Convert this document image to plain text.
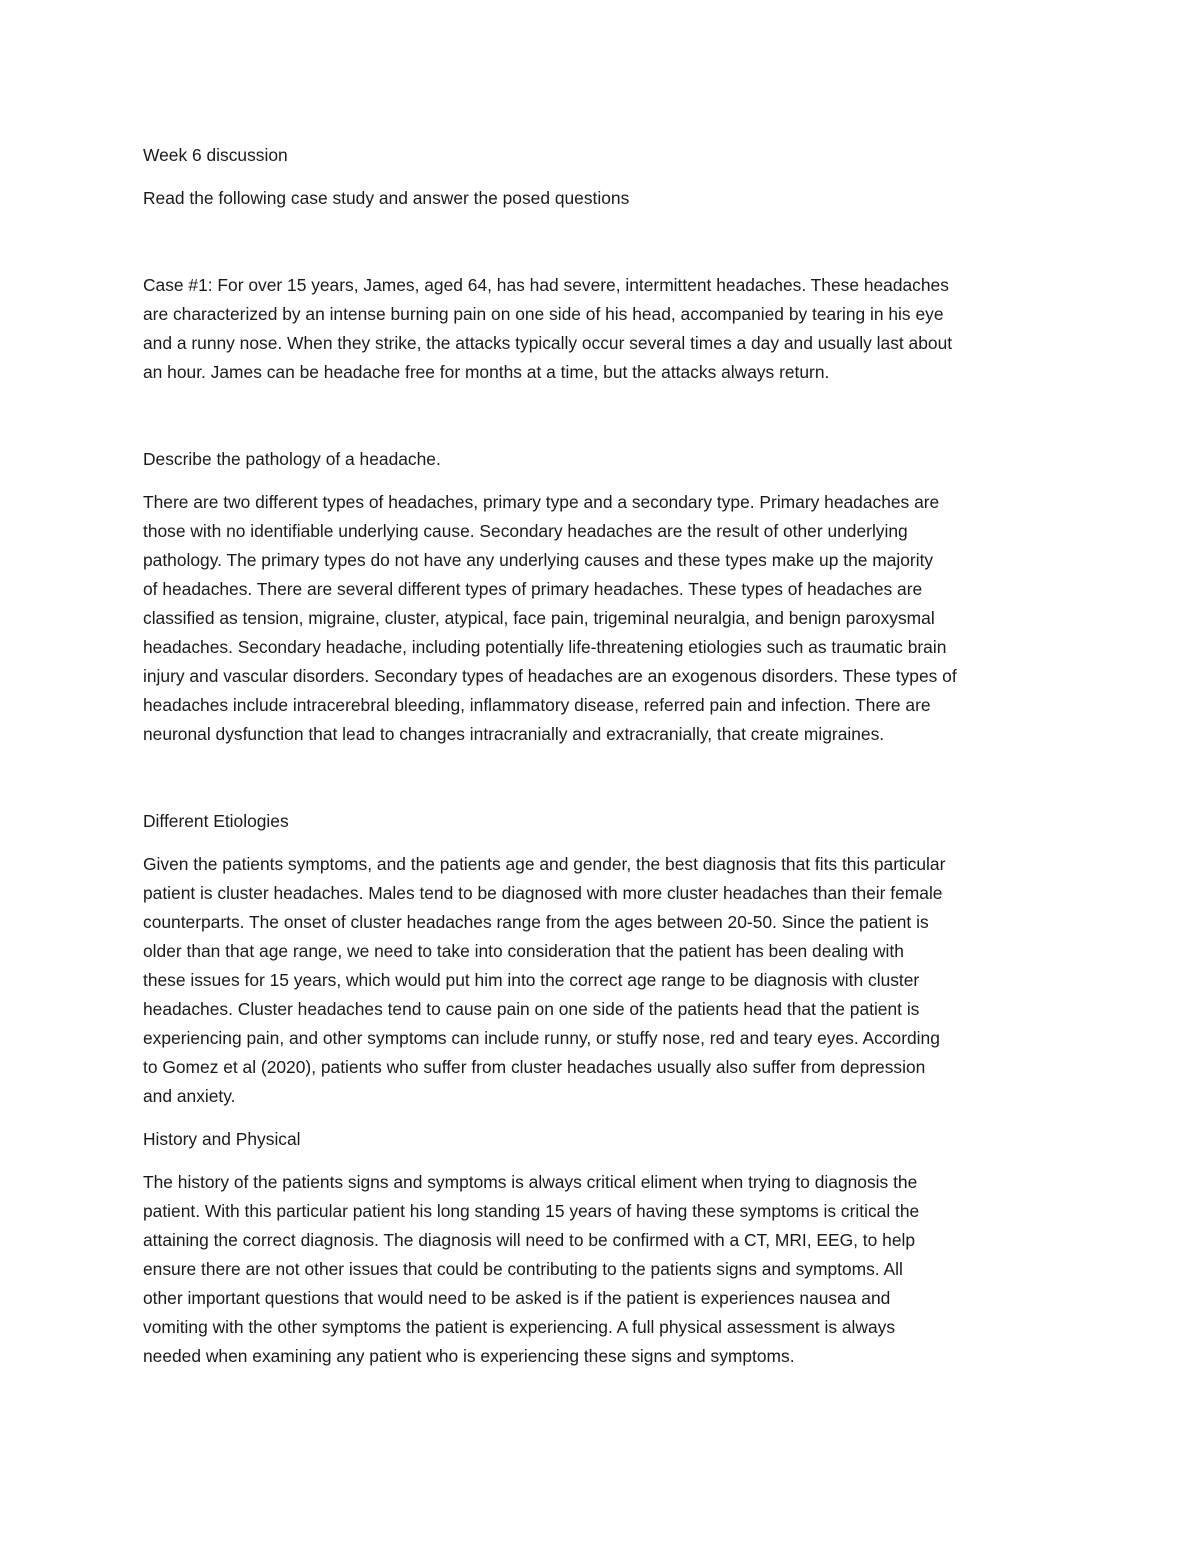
Week 6 discussion
Read the following case study and answer the posed questions
Case #1: For over 15 years, James, aged 64, has had severe, intermittent headaches. These headaches
are characterized by an intense burning pain on one side of his head, accompanied by tearing in his eye
and a runny nose. When they strike, the attacks typically occur several times a day and usually last about
an hour. James can be headache free for months at a time, but the attacks always return.
Describe the pathology of a headache.
There are two different types of headaches, primary type and a secondary type. Primary headaches are
those with no identifiable underlying cause. Secondary headaches are the result of other underlying
pathology. The primary types do not have any underlying causes and these types make up the majority
of headaches. There are several different types of primary headaches. These types of headaches are
classified as tension, migraine, cluster, atypical, face pain, trigeminal neuralgia, and benign paroxysmal
headaches. Secondary headache, including potentially life-threatening etiologies such as traumatic brain
injury and vascular disorders. Secondary types of headaches are an exogenous disorders. These types of
headaches include intracerebral bleeding, inflammatory disease, referred pain and infection. There are
neuronal dysfunction that lead to changes intracranially and extracranially, that create migraines.
Different Etiologies
Given the patients symptoms, and the patients age and gender, the best diagnosis that fits this particular
patient is cluster headaches. Males tend to be diagnosed with more cluster headaches than their female
counterparts. The onset of cluster headaches range from the ages between 20-50. Since the patient is
older than that age range, we need to take into consideration that the patient has been dealing with
these issues for 15 years, which would put him into the correct age range to be diagnosis with cluster
headaches. Cluster headaches tend to cause pain on one side of the patients head that the patient is
experiencing pain, and other symptoms can include runny, or stuffy nose, red and teary eyes. According
to Gomez et al (2020), patients who suffer from cluster headaches usually also suffer from depression
and anxiety.
History and Physical
The history of the patients signs and symptoms is always critical eliment when trying to diagnosis the
patient. With this particular patient his long standing 15 years of having these symptoms is critical the
attaining the correct diagnosis. The diagnosis will need to be confirmed with a CT, MRI, EEG, to help
ensure there are not other issues that could be contributing to the patients signs and symptoms. All
other important questions that would need to be asked is if the patient is experiences nausea and
vomiting with the other symptoms the patient is experiencing. A full physical assessment is always
needed when examining any patient who is experiencing these signs and symptoms.
